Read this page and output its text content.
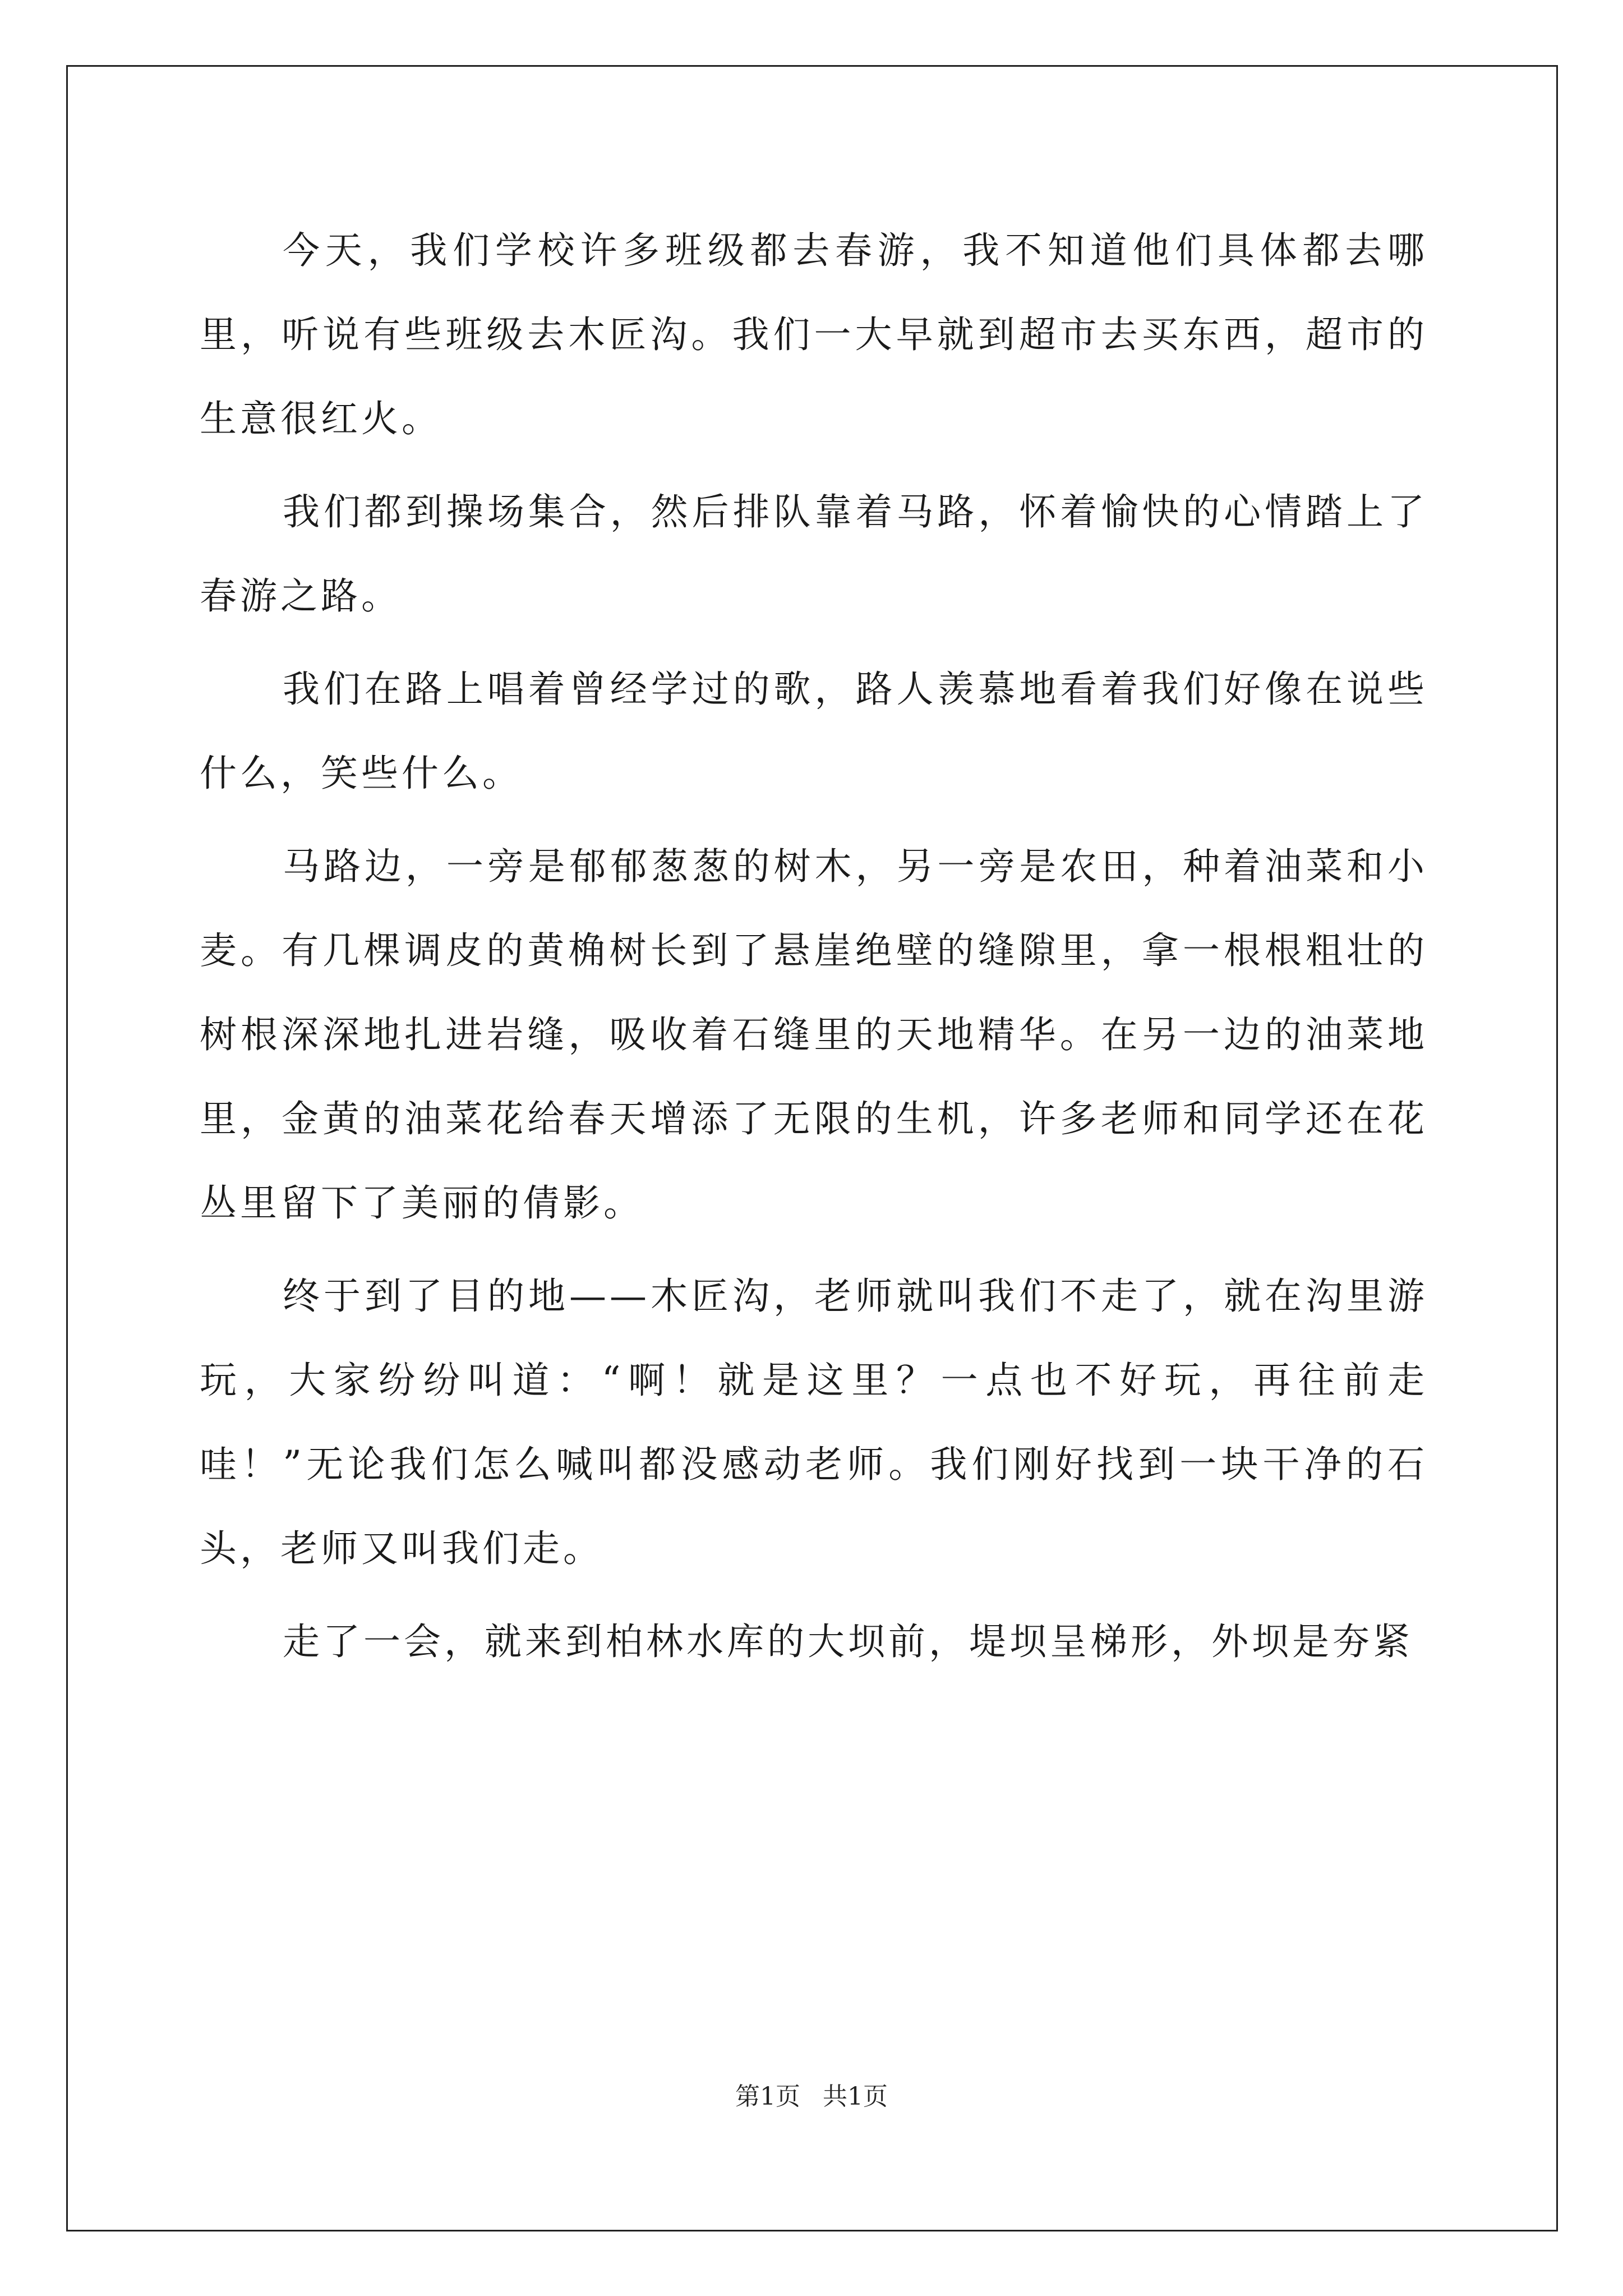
今天，我们学校许多班级都去春游，我不知道他们具体都去哪里，听说有些班级去木匠沟。我们一大早就到超市去买东西，超市的生意很红火。

我们都到操场集合，然后排队靠着马路，怀着愉快的心情踏上了春游之路。

我们在路上唱着曾经学过的歌，路人羡慕地看着我们好像在说些什么，笑些什么。

马路边，一旁是郁郁葱葱的树木，另一旁是农田，种着油菜和小麦。有几棵调皮的黄桷树长到了悬崖绝壁的缝隙里，拿一根根粗壮的树根深深地扎进岩缝，吸收着石缝里的天地精华。在另一边的油菜地里，金黄的油菜花给春天增添了无限的生机，许多老师和同学还在花丛里留下了美丽的倩影。

终于到了目的地——木匠沟，老师就叫我们不走了，就在沟里游玩，大家纷纷叫道：“啊！就是这里？一点也不好玩，再往前走哇！”无论我们怎么喊叫都没感动老师。我们刚好找到一块干净的石头，老师又叫我们走。

走了一会，就来到柏林水库的大坝前，堤坝呈梯形，外坝是夯紧

第1页 共1页
